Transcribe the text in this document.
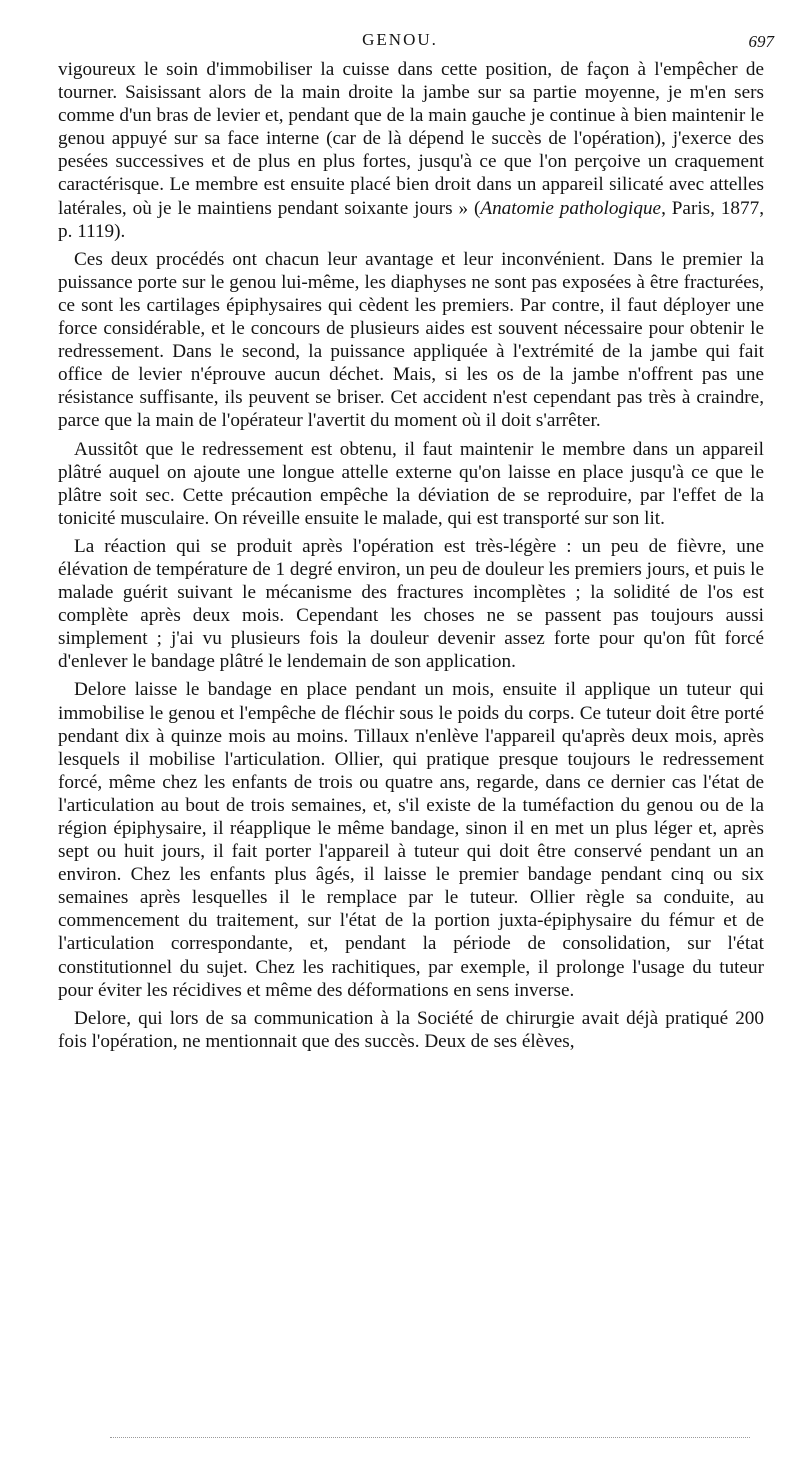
GENOU.	697

vigoureux le soin d'immobiliser la cuisse dans cette position, de façon à l'empêcher de tourner. Saisissant alors de la main droite la jambe sur sa partie moyenne, je m'en sers comme d'un bras de levier et, pendant que de la main gauche je continue à bien maintenir le genou appuyé sur sa face interne (car de là dépend le succès de l'opération), j'exerce des pesées successives et de plus en plus fortes, jusqu'à ce que l'on perçoive un craquement caractérisque. Le membre est ensuite placé bien droit dans un appareil silicaté avec attelles latérales, où je le maintiens pendant soixante jours » (Anatomie pathologique, Paris, 1877, p. 1119).

Ces deux procédés ont chacun leur avantage et leur inconvénient. Dans le premier la puissance porte sur le genou lui-même, les diaphyses ne sont pas exposées à être fracturées, ce sont les cartilages épiphysaires qui cèdent les premiers. Par contre, il faut déployer une force considérable, et le concours de plusieurs aides est souvent nécessaire pour obtenir le redressement. Dans le second, la puissance appliquée à l'extrémité de la jambe qui fait office de levier n'éprouve aucun déchet. Mais, si les os de la jambe n'offrent pas une résistance suffisante, ils peuvent se briser. Cet accident n'est cependant pas très à craindre, parce que la main de l'opérateur l'avertit du moment où il doit s'arrêter.

Aussitôt que le redressement est obtenu, il faut maintenir le membre dans un appareil plâtré auquel on ajoute une longue attelle externe qu'on laisse en place jusqu'à ce que le plâtre soit sec. Cette précaution empêche la déviation de se reproduire, par l'effet de la tonicité musculaire. On réveille ensuite le malade, qui est transporté sur son lit.

La réaction qui se produit après l'opération est très-légère : un peu de fièvre, une élévation de température de 1 degré environ, un peu de douleur les premiers jours, et puis le malade guérit suivant le mécanisme des fractures incomplètes ; la solidité de l'os est complète après deux mois. Cependant les choses ne se passent pas toujours aussi simplement ; j'ai vu plusieurs fois la douleur devenir assez forte pour qu'on fût forcé d'enlever le bandage plâtré le lendemain de son application.

Delore laisse le bandage en place pendant un mois, ensuite il applique un tuteur qui immobilise le genou et l'empêche de fléchir sous le poids du corps. Ce tuteur doit être porté pendant dix à quinze mois au moins. Tillaux n'enlève l'appareil qu'après deux mois, après lesquels il mobilise l'articulation. Ollier, qui pratique presque toujours le redressement forcé, même chez les enfants de trois ou quatre ans, regarde, dans ce dernier cas l'état de l'articulation au bout de trois semaines, et, s'il existe de la tuméfaction du genou ou de la région épiphysaire, il réapplique le même bandage, sinon il en met un plus léger et, après sept ou huit jours, il fait porter l'appareil à tuteur qui doit être conservé pendant un an environ. Chez les enfants plus âgés, il laisse le premier bandage pendant cinq ou six semaines après lesquelles il le remplace par le tuteur. Ollier règle sa conduite, au commencement du traitement, sur l'état de la portion juxta-épiphysaire du fémur et de l'articulation correspondante, et, pendant la période de consolidation, sur l'état constitutionnel du sujet. Chez les rachitiques, par exemple, il prolonge l'usage du tuteur pour éviter les récidives et même des déformations en sens inverse.

Delore, qui lors de sa communication à la Société de chirurgie avait déjà pratiqué 200 fois l'opération, ne mentionnait que des succès. Deux de ses élèves,
